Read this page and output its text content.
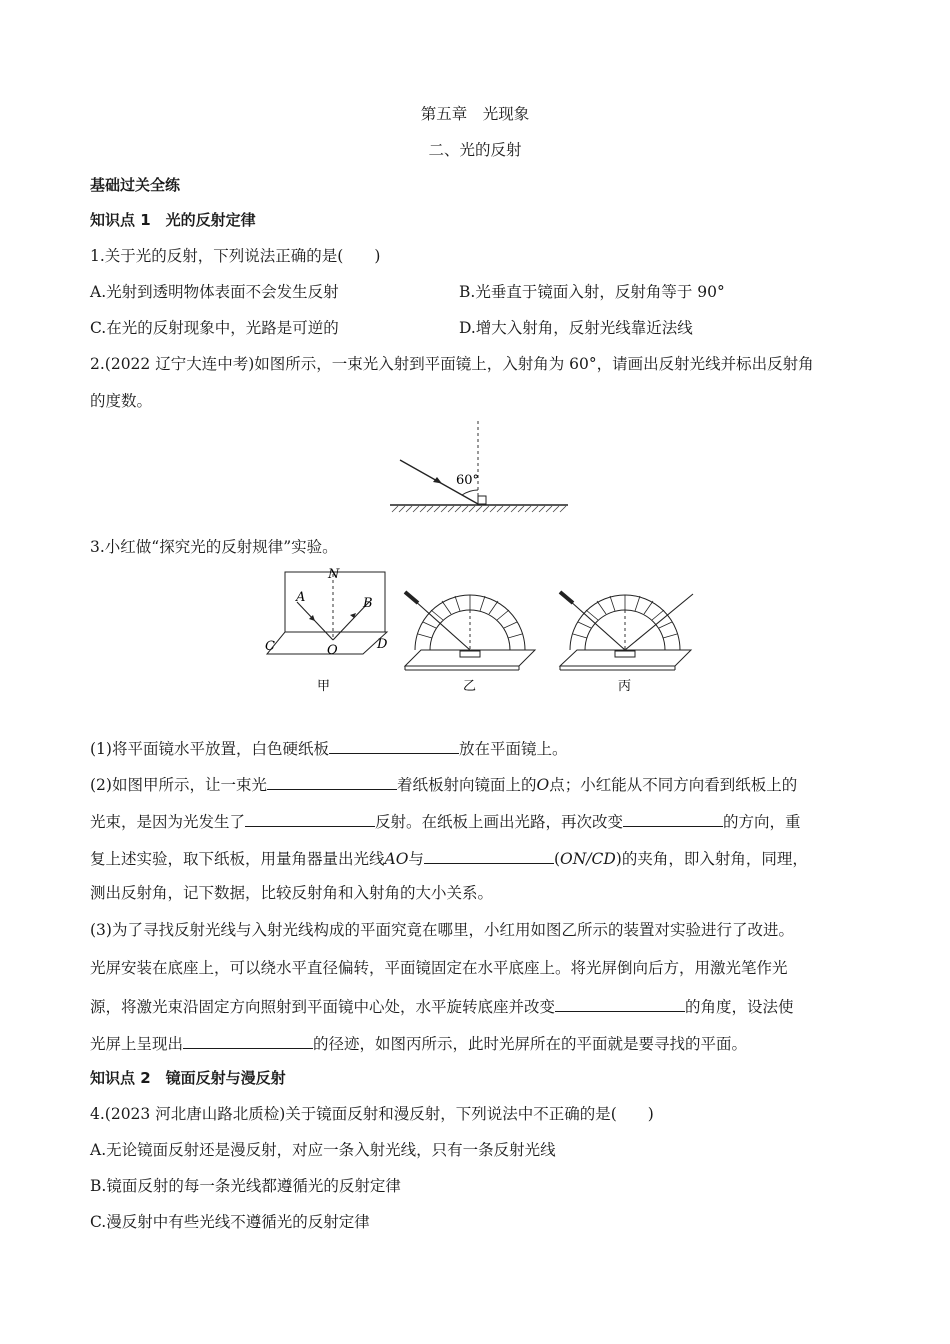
第五章　光现象
二、光的反射
基础过关全练
知识点 1　光的反射定律
1.关于光的反射，下列说法正确的是(　　)
A.光射到透明物体表面不会发生反射	B.光垂直于镜面入射，反射角等于 90°
C.在光的反射现象中，光路是可逆的	D.增大入射角，反射光线靠近法线
2.(2022 辽宁大连中考)如图所示，一束光入射到平面镜上，入射角为 60°，请画出反射光线并标出反射角
的度数。
60°
3.小红做“探究光的反射规律”实验。
N
A	B
C	D
O
甲	乙	丙
(1)将平面镜水平放置，白色硬纸板	放在平面镜上。
(2)如图甲所示，让一束光	着纸板射向镜面上的O点；小红能从不同方向看到纸板上的
光束，是因为光发生了	反射。在纸板上画出光路，再次改变	的方向，重
复上述实验，取下纸板，用量角器量出光线AO与	(ON/CD)的夹角，即入射角，同理，
测出反射角，记下数据，比较反射角和入射角的大小关系。
(3)为了寻找反射光线与入射光线构成的平面究竟在哪里，小红用如图乙所示的装置对实验进行了改进。
光屏安装在底座上，可以绕水平直径偏转，平面镜固定在水平底座上。将光屏倒向后方，用激光笔作光
源，将激光束沿固定方向照射到平面镜中心处，水平旋转底座并改变	的角度，设法使
光屏上呈现出	的径迹，如图丙所示，此时光屏所在的平面就是要寻找的平面。
知识点 2　镜面反射与漫反射
4.(2023 河北唐山路北质检)关于镜面反射和漫反射，下列说法中不正确的是(　　)
A.无论镜面反射还是漫反射，对应一条入射光线，只有一条反射光线
B.镜面反射的每一条光线都遵循光的反射定律
C.漫反射中有些光线不遵循光的反射定律
